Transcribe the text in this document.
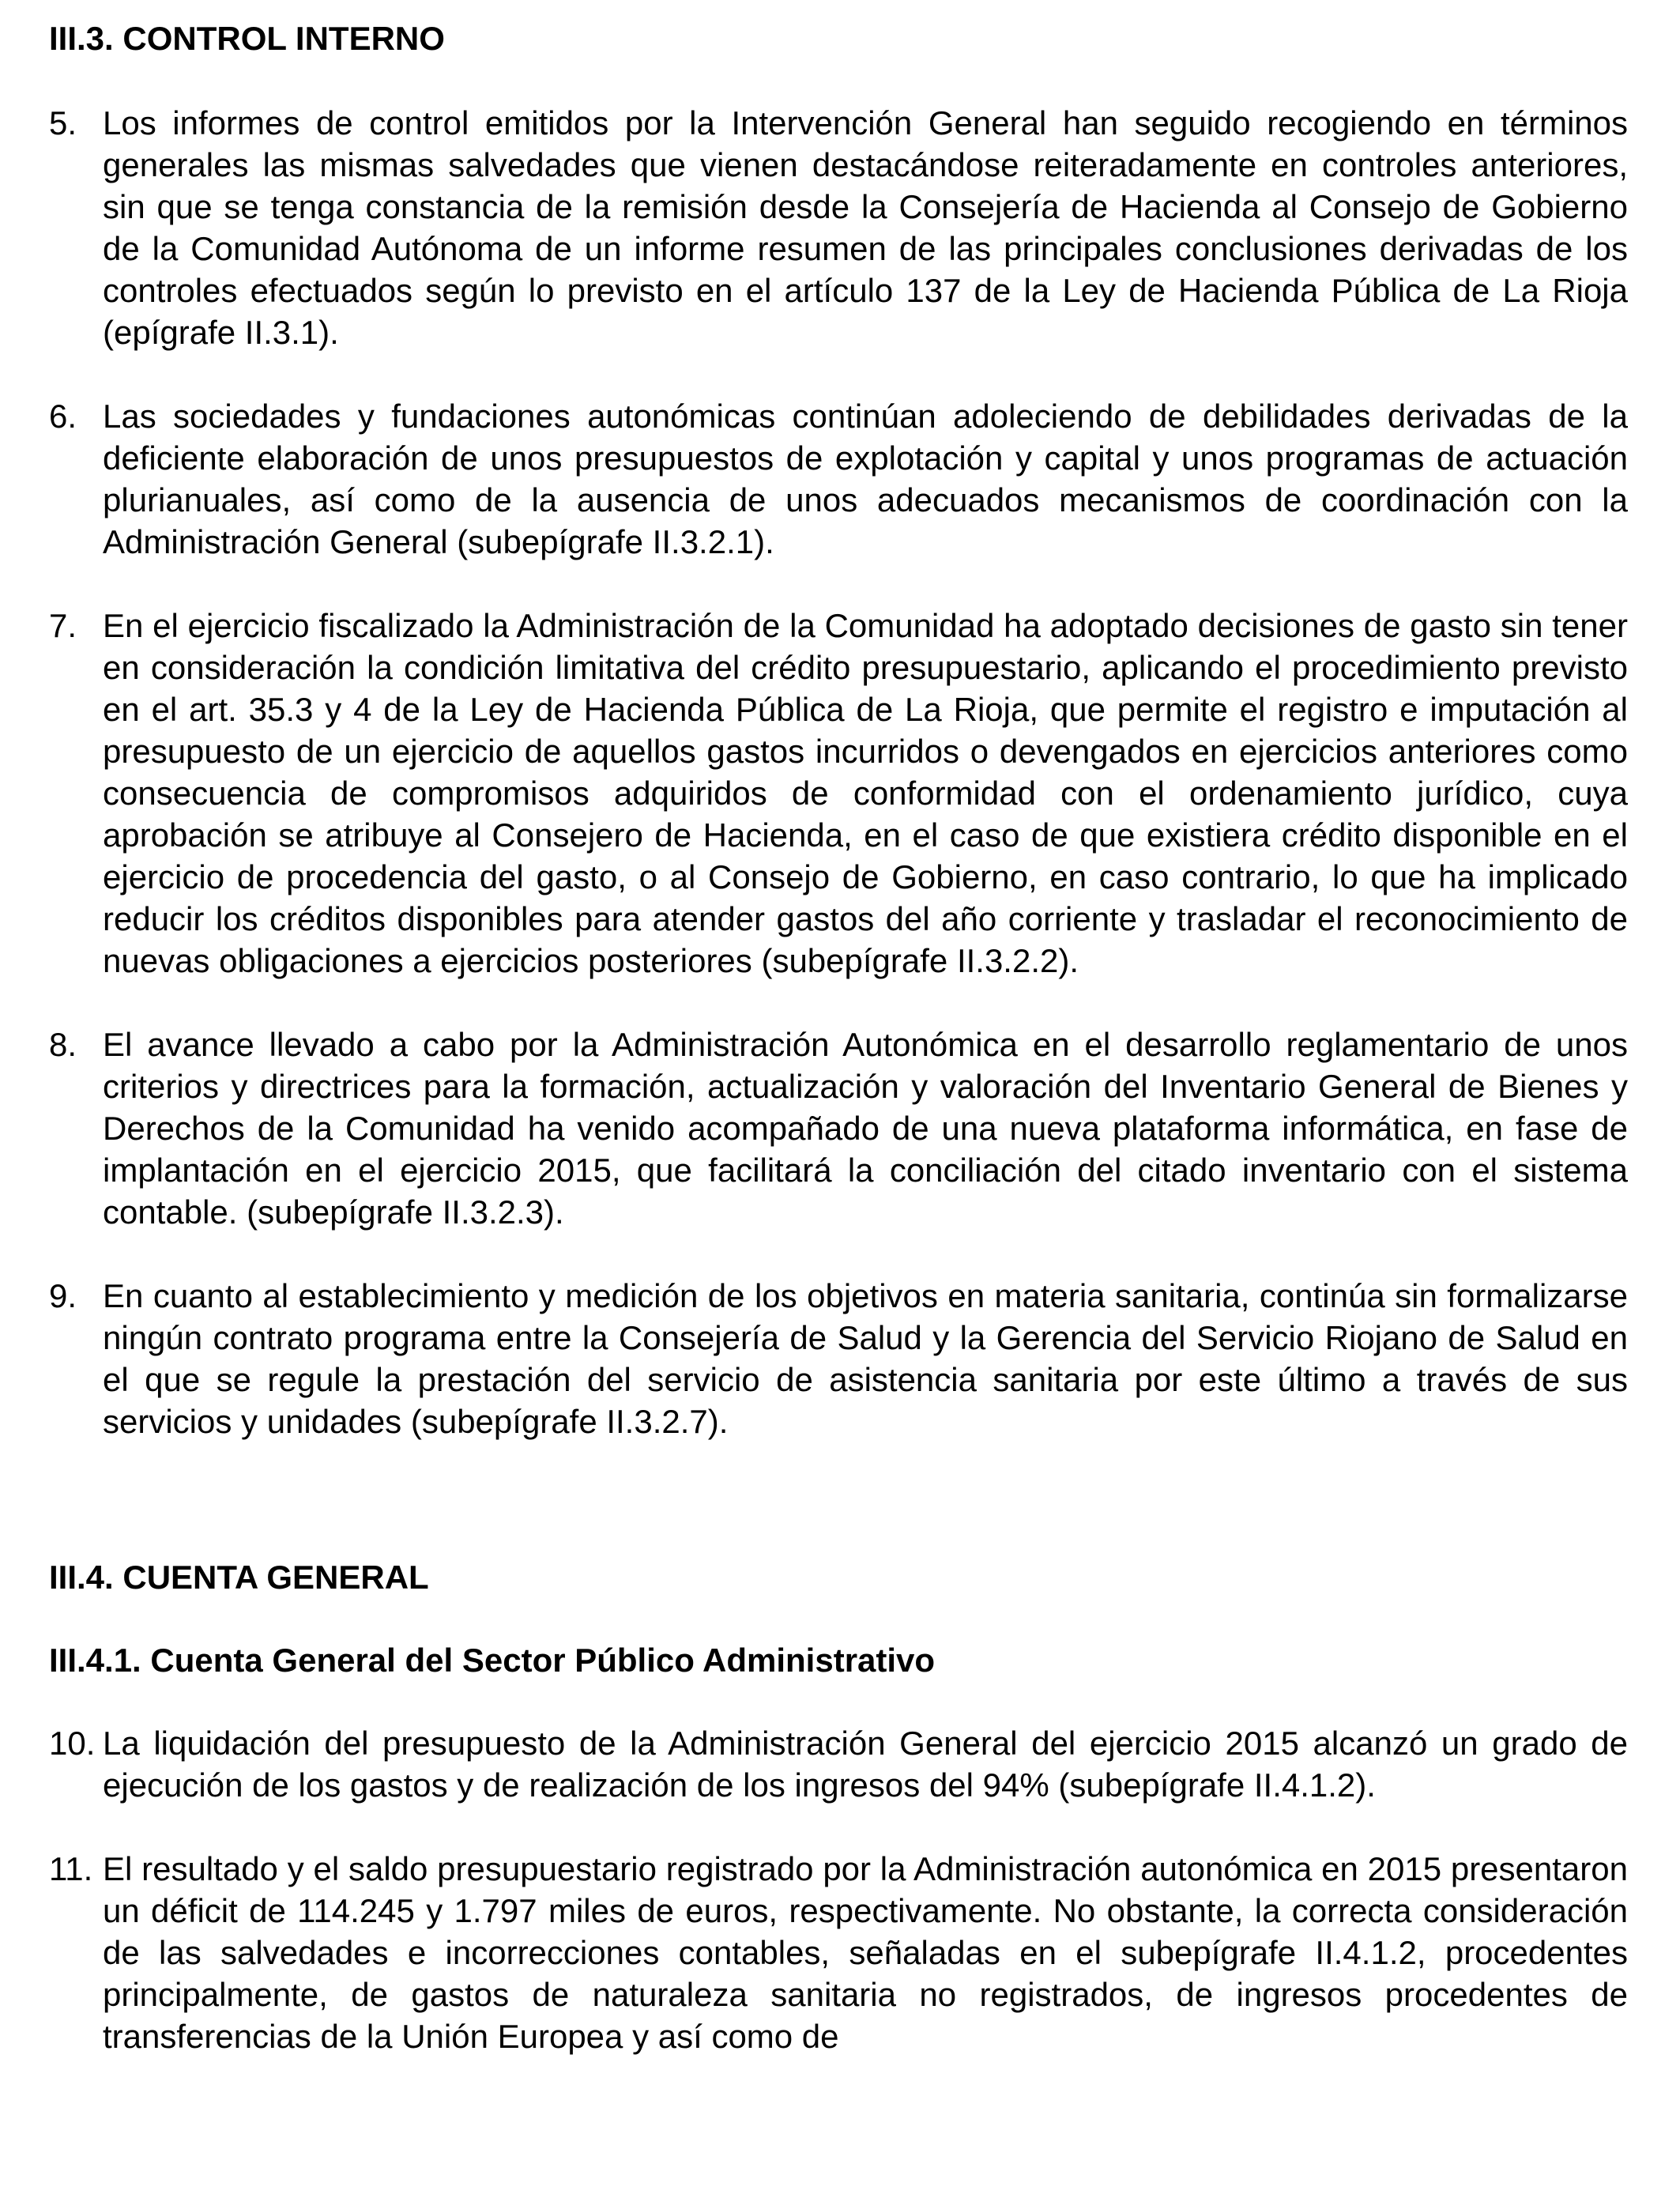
III.3. CONTROL INTERNO
5. Los informes de control emitidos por la Intervención General han seguido recogiendo en términos generales las mismas salvedades que vienen destacándose reiteradamente en controles anteriores, sin que se tenga constancia de la remisión desde la Consejería de Hacienda al Consejo de Gobierno de la Comunidad Autónoma de un informe resumen de las principales conclusiones derivadas de los controles efectuados según lo previsto en el artículo 137 de la Ley de Hacienda Pública de La Rioja (epígrafe II.3.1).
6. Las sociedades y fundaciones autonómicas continúan adoleciendo de debilidades derivadas de la deficiente elaboración de unos presupuestos de explotación y capital y unos programas de actuación plurianuales, así como de la ausencia de unos adecuados mecanismos de coordinación con la Administración General (subepígrafe II.3.2.1).
7. En el ejercicio fiscalizado la Administración de la Comunidad ha adoptado decisiones de gasto sin tener en consideración la condición limitativa del crédito presupuestario, aplicando el procedimiento previsto en el art. 35.3 y 4 de la Ley de Hacienda Pública de La Rioja, que permite el registro e imputación al presupuesto de un ejercicio de aquellos gastos incurridos o devengados en ejercicios anteriores como consecuencia de compromisos adquiridos de conformidad con el ordenamiento jurídico, cuya aprobación se atribuye al Consejero de Hacienda, en el caso de que existiera crédito disponible en el ejercicio de procedencia del gasto, o al Consejo de Gobierno, en caso contrario, lo que ha implicado reducir los créditos disponibles para atender gastos del año corriente y trasladar el reconocimiento de nuevas obligaciones a ejercicios posteriores (subepígrafe II.3.2.2).
8. El avance llevado a cabo por la Administración Autonómica en el desarrollo reglamentario de unos criterios y directrices para la formación, actualización y valoración del Inventario General de Bienes y Derechos de la Comunidad ha venido acompañado de una nueva plataforma informática, en fase de implantación en el ejercicio 2015, que facilitará la conciliación del citado inventario con el sistema contable. (subepígrafe II.3.2.3).
9. En cuanto al establecimiento y medición de los objetivos en materia sanitaria, continúa sin formalizarse ningún contrato programa entre la Consejería de Salud y la Gerencia del Servicio Riojano de Salud en el que se regule la prestación del servicio de asistencia sanitaria por este último a través de sus servicios y unidades (subepígrafe II.3.2.7).
III.4. CUENTA GENERAL
III.4.1. Cuenta General del Sector Público Administrativo
10. La liquidación del presupuesto de la Administración General del ejercicio 2015 alcanzó un grado de ejecución de los gastos y de realización de los ingresos del 94% (subepígrafe II.4.1.2).
11. El resultado y el saldo presupuestario registrado por la Administración autonómica en 2015 presentaron un déficit de 114.245 y 1.797 miles de euros, respectivamente. No obstante, la correcta consideración de las salvedades e incorrecciones contables, señaladas en el subepígrafe II.4.1.2, procedentes principalmente, de gastos de naturaleza sanitaria no registrados, de ingresos procedentes de transferencias de la Unión Europea y así como de
